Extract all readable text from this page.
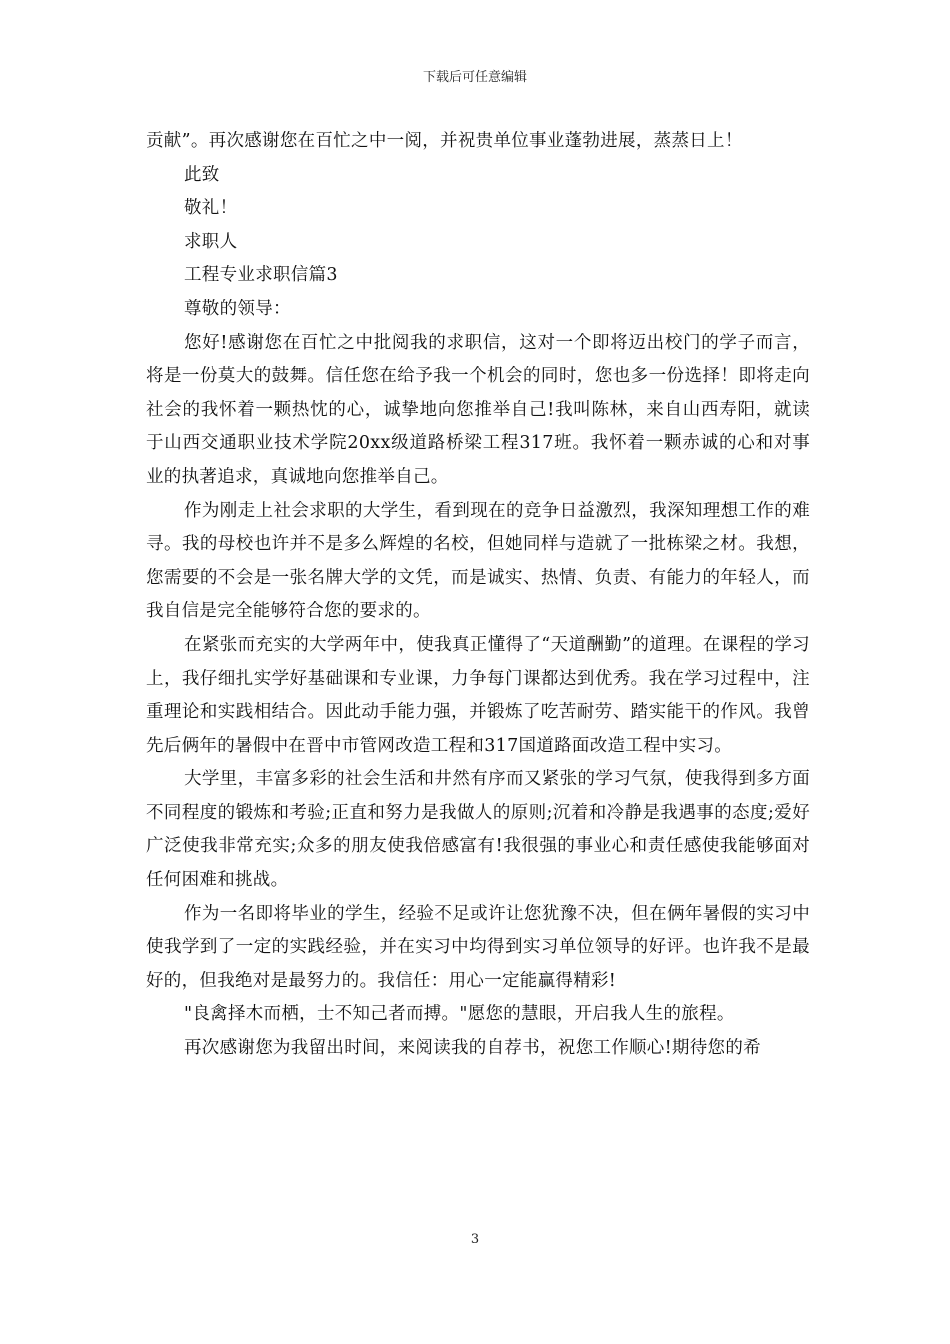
下载后可任意编辑

贡献”。再次感谢您在百忙之中一阅，并祝贵单位事业蓬勃进展，蒸蒸日上！

此致

敬礼！

求职人

工程专业求职信篇3

尊敬的领导：

您好!感谢您在百忙之中批阅我的求职信，这对一个即将迈出校门的学子而言，将是一份莫大的鼓舞。信任您在给予我一个机会的同时，您也多一份选择！即将走向社会的我怀着一颗热忱的心，诚挚地向您推举自己!我叫陈林，来自山西寿阳，就读于山西交通职业技术学院20xx级道路桥梁工程317班。我怀着一颗赤诚的心和对事业的执著追求，真诚地向您推举自己。

作为刚走上社会求职的大学生，看到现在的竞争日益激烈，我深知理想工作的难寻。我的母校也许并不是多么辉煌的名校，但她同样与造就了一批栋梁之材。我想，您需要的不会是一张名牌大学的文凭，而是诚实、热情、负责、有能力的年轻人，而我自信是完全能够符合您的要求的。

在紧张而充实的大学两年中，使我真正懂得了“天道酬勤”的道理。在课程的学习上，我仔细扎实学好基础课和专业课，力争每门课都达到优秀。我在学习过程中，注重理论和实践相结合。因此动手能力强，并锻炼了吃苦耐劳、踏实能干的作风。我曾先后俩年的暑假中在晋中市管网改造工程和317国道路面改造工程中实习。

大学里，丰富多彩的社会生活和井然有序而又紧张的学习气氛，使我得到多方面不同程度的锻炼和考验;正直和努力是我做人的原则;沉着和冷静是我遇事的态度;爱好广泛使我非常充实;众多的朋友使我倍感富有!我很强的事业心和责任感使我能够面对任何困难和挑战。

作为一名即将毕业的学生，经验不足或许让您犹豫不决，但在俩年暑假的实习中使我学到了一定的实践经验，并在实习中均得到实习单位领导的好评。也许我不是最好的，但我绝对是最努力的。我信任：用心一定能赢得精彩!

"良禽择木而栖，士不知己者而搏。"愿您的慧眼，开启我人生的旅程。

再次感谢您为我留出时间，来阅读我的自荐书，祝您工作顺心!期待您的希

3
